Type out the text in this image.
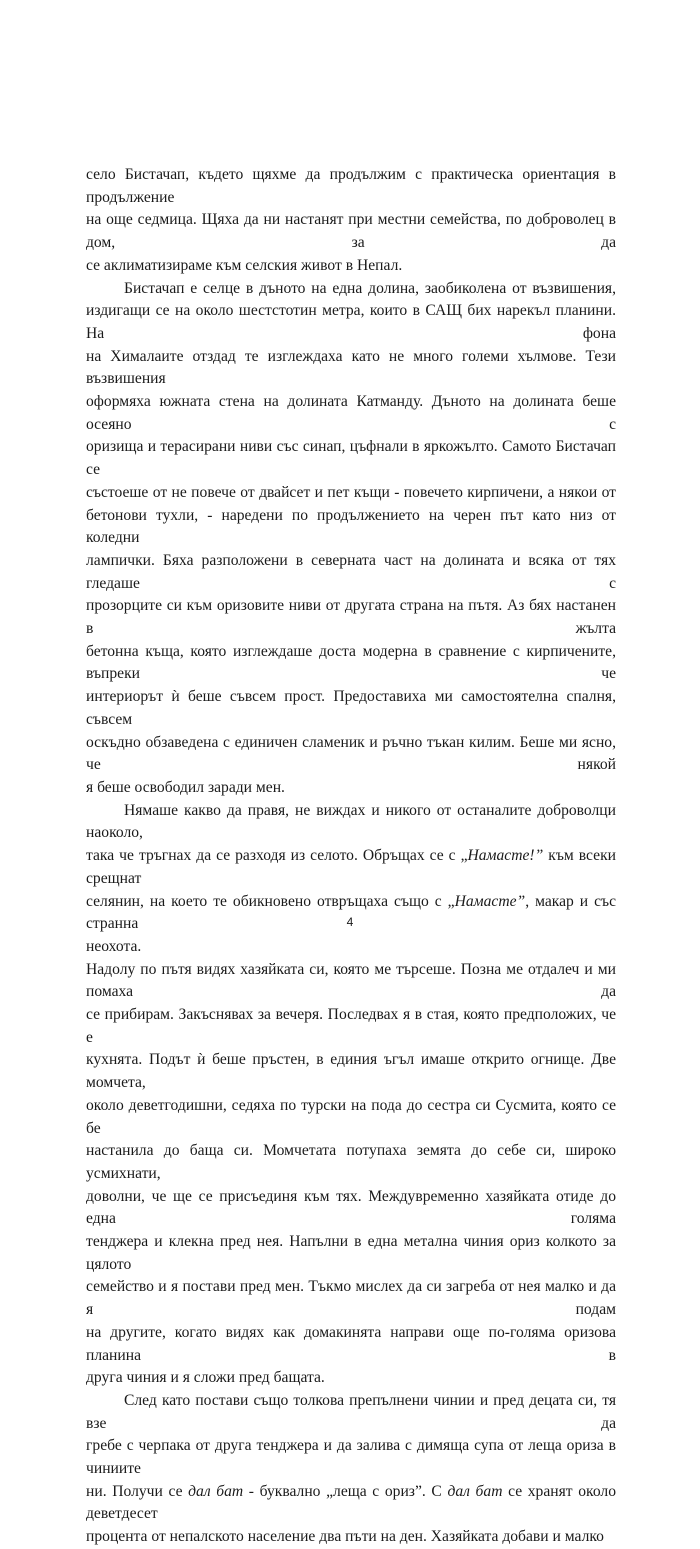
село Бистачап, където щяхме да продължим с практическа ориентация в продължение
на още седмица. Щяха да ни настанят при местни семейства, по доброволец в дом, за да
се аклиматизираме към селския живот в Непал.
Бистачап е селце в дъното на една долина, заобиколена от възвишения,
издигащи се на около шестстотин метра, които в САЩ бих нарекъл планини. На фона
на Хималаите отздад те изглеждаха като не много големи хълмове. Тези възвишения
оформяха южната стена на долината Катманду. Дъното на долината беше осеяно с
оризища и терасирани ниви със синап, цъфнали в яркожълто. Самото Бистачап се
състоеше от не повече от двайсет и пет къщи - повечето кирпичени, а някои от
бетонови тухли, - наредени по продължението на черен път като низ от коледни
лампички. Бяха разположени в северната част на долината и всяка от тях гледаше с
прозорците си към оризовите ниви от другата страна на пътя. Аз бях настанен в жълта
бетонна къща, която изглеждаше доста модерна в сравнение с кирпичените, въпреки че
интериорът ѝ беше съвсем прост. Предоставиха ми самостоятелна спалня, съвсем
оскъдно обзаведена с единичен сламеник и ръчно тъкан килим. Беше ми ясно, че някой
я беше освободил заради мен.
Нямаше какво да правя, не виждах и никого от останалите доброволци наоколо,
така че тръгнах да се разходя из селото. Обръщах се с „Намасте!” към всеки срещнат
селянин, на което те обикновено отвръщаха също с „Намасте”, макар и със странна
неохота.
Надолу по пътя видях хазяйката си, която ме търсеше. Позна ме отдалеч и ми помаха да
се прибирам. Закъснявах за вечеря. Последвах я в стая, която предположих, че е
кухнята. Подът ѝ беше пръстен, в единия ъгъл имаше открито огнище. Две момчета,
около деветгодишни, седяха по турски на пода до сестра си Сусмита, която се бе
настанила до баща си. Момчетата потупаха земята до себе си, широко усмихнати,
доволни, че ще се присъединя към тях. Междувременно хазяйката отиде до една голяма
тенджера и клекна пред нея. Напълни в една метална чиния ориз колкото за цялото
семейство и я постави пред мен. Тъкмо мислех да си загреба от нея малко и да я подам
на другите, когато видях как домакинята направи още по-голяма оризова планина в
друга чиния и я сложи пред бащата.
След като постави също толкова препълнени чинии и пред децата си, тя взе да
гребе с черпака от друга тенджера и да залива с димяща супа от леща ориза в чиниите
ни. Получи се дал бат - буквално „леща с ориз”. С дал бат се хранят около деветдесет
процента от непалското население два пъти на ден. Хазяйката добави и малко
4
